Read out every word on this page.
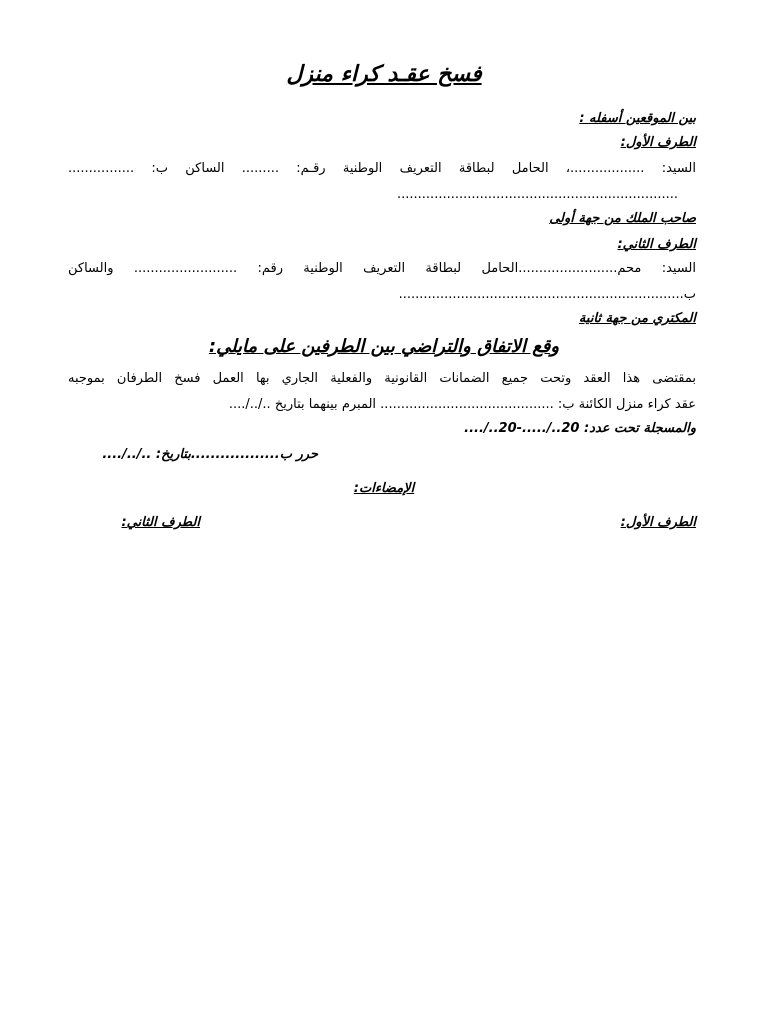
فسخ عقـد كراء منزل
بين الموقعين أسفله :
الطرف الأول:
السيد: ..................، الحامل لبطاقة التعريف الوطنية رقـم: ......... الساكن ب: ................
....................................................................
صاحب الملك من جهة أولى
الطرف الثاني:
السيد: محم........................الحامل لبطاقة التعريف الوطنية رقم: ......................... والساكن
ب.....................................................................
المكتري من جهة ثانية
وقع الاتفاق والتراضي بين الطرفين على مايلي:
بمقتضى هذا العقد وتحت جميع الضمانات القانونية والفعلية الجاري بها العمل فسخ الطرفان بموجبه
عقد كراء منزل الكائنة ب: .......................................... المبرم بينهما بتاريخ ../../....
والمسجلة تحت عدد: 20../.....-20../....
حرر ب..................بتاريخ: ../../....
الإمضاءات:
الطرف الأول:
الطرف الثاني:
